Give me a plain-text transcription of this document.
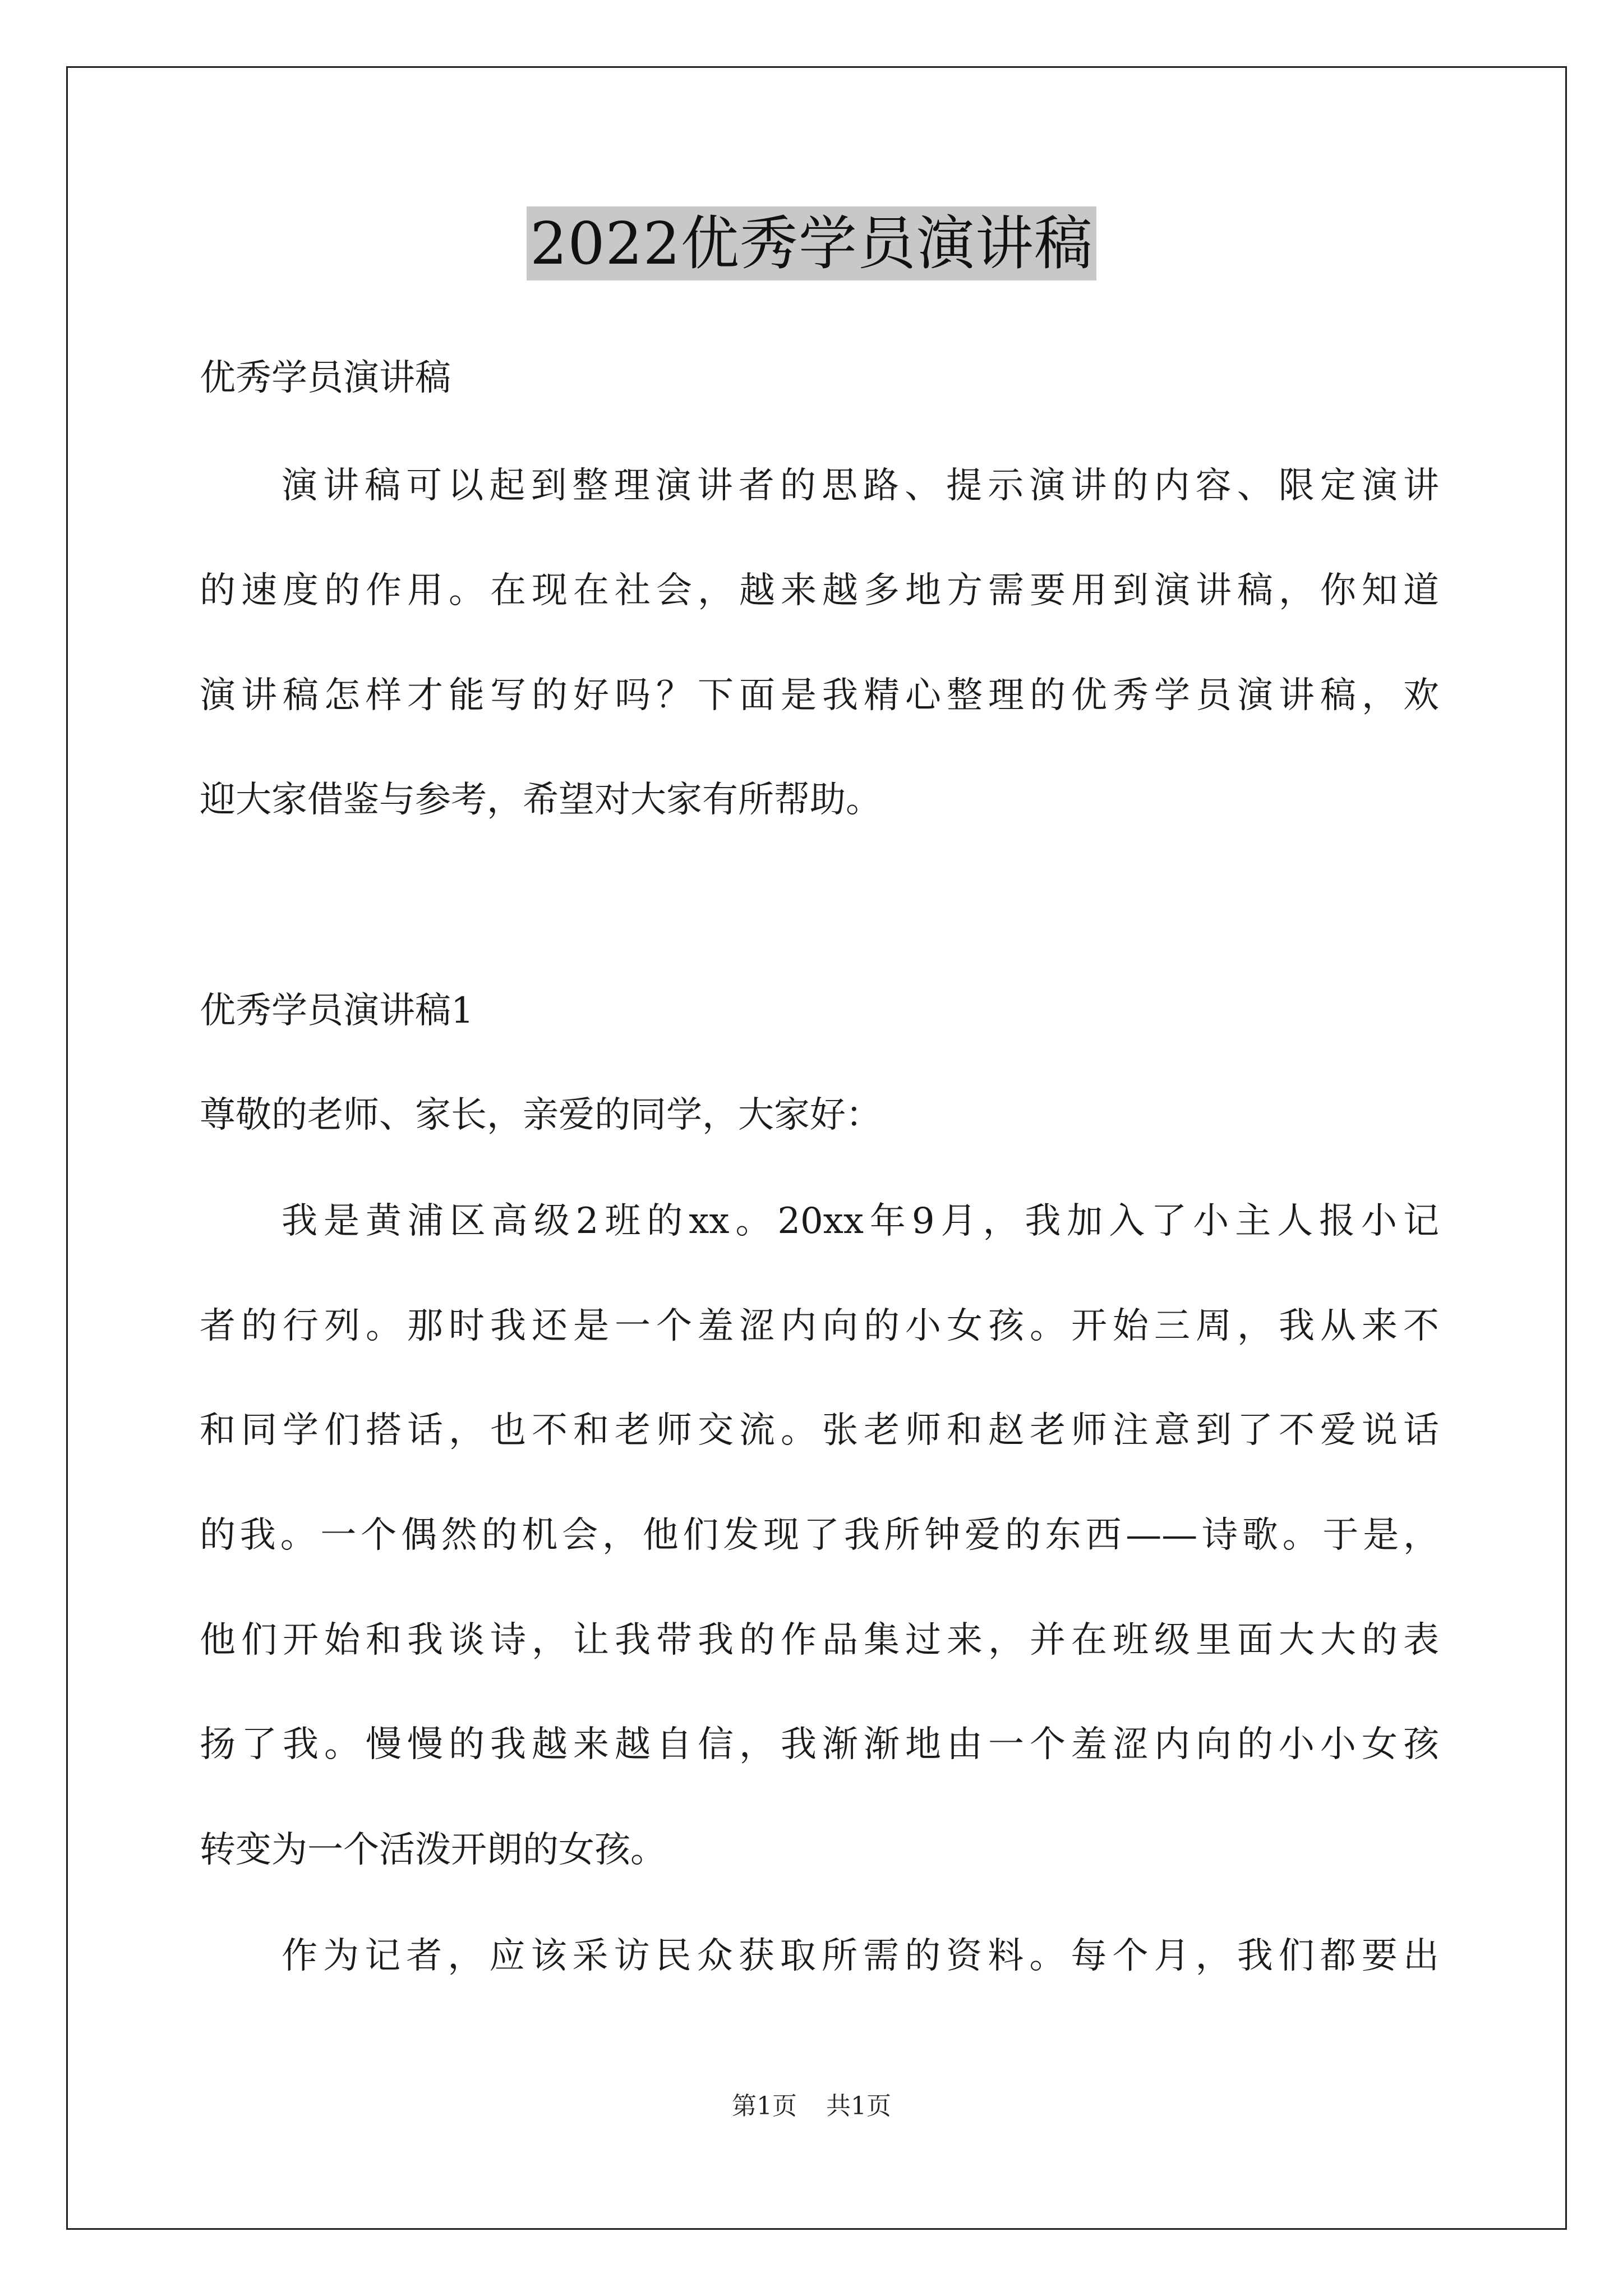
2022优秀学员演讲稿
优秀学员演讲稿
演讲稿可以起到整理演讲者的思路、提示演讲的内容、限定演讲
的速度的作用。在现在社会，越来越多地方需要用到演讲稿，你知道
演讲稿怎样才能写的好吗？下面是我精心整理的优秀学员演讲稿，欢
迎大家借鉴与参考，希望对大家有所帮助。
优秀学员演讲稿1
尊敬的老师、家长，亲爱的同学，大家好：
我是黄浦区高级2班的xx。20xx年9月，我加入了小主人报小记
者的行列。那时我还是一个羞涩内向的小女孩。开始三周，我从来不
和同学们搭话，也不和老师交流。张老师和赵老师注意到了不爱说话
的我。一个偶然的机会，他们发现了我所钟爱的东西——诗歌。于是，
他们开始和我谈诗，让我带我的作品集过来，并在班级里面大大的表
扬了我。慢慢的我越来越自信，我渐渐地由一个羞涩内向的小小女孩
转变为一个活泼开朗的女孩。
作为记者，应该采访民众获取所需的资料。每个月，我们都要出
第1页 共1页
